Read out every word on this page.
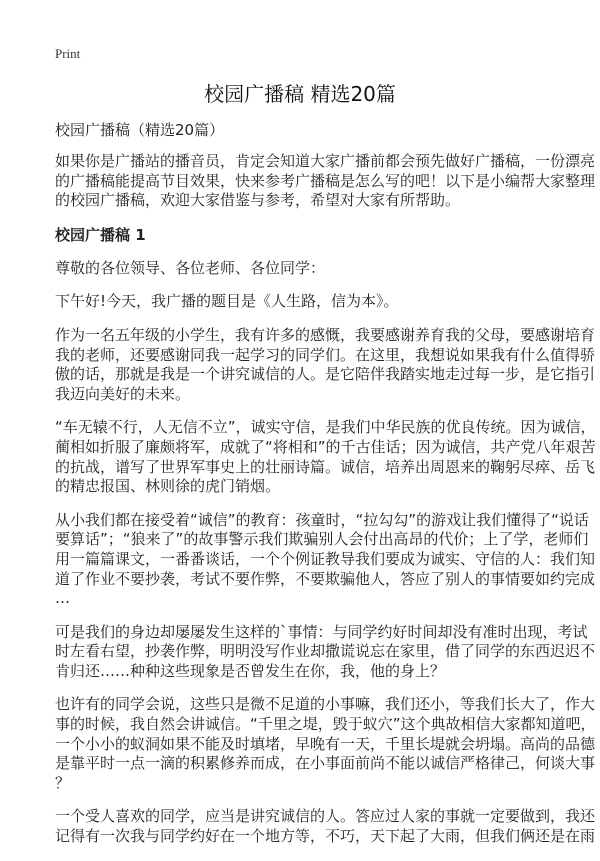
Print
校园广播稿 精选20篇
校园广播稿（精选20篇）
如果你是广播站的播音员，肯定会知道大家广播前都会预先做好广播稿，一份漂亮
的广播稿能提高节目效果，快来参考广播稿是怎么写的吧！以下是小编帮大家整理
的校园广播稿，欢迎大家借鉴与参考，希望对大家有所帮助。
校园广播稿 1
尊敬的各位领导、各位老师、各位同学：
下午好!今天，我广播的题目是《人生路，信为本》。
作为一名五年级的小学生，我有许多的感慨，我要感谢养育我的父母，要感谢培育
我的老师，还要感谢同我一起学习的同学们。在这里，我想说如果我有什么值得骄
傲的话，那就是我是一个讲究诚信的人。是它陪伴我踏实地走过每一步，是它指引
我迈向美好的未来。
“车无辕不行，人无信不立”，诚实守信，是我们中华民族的优良传统。因为诚信，
蔺相如折服了廉颇将军，成就了“将相和”的千古佳话；因为诚信，共产党八年艰苦
的抗战，谱写了世界军事史上的壮丽诗篇。诚信，培养出周恩来的鞠躬尽瘁、岳飞
的精忠报国、林则徐的虎门销烟。
从小我们都在接受着“诚信”的教育：孩童时，“拉勾勾”的游戏让我们懂得了“说话
要算话”；“狼来了”的故事警示我们欺骗别人会付出高昂的代价；上了学，老师们
用一篇篇课文，一番番谈话，一个个例证教导我们要成为诚实、守信的人：我们知
道了作业不要抄袭，考试不要作弊，不要欺骗他人，答应了别人的事情要如约完成
…
可是我们的身边却屡屡发生这样的`事情：与同学约好时间却没有准时出现，考试
时左看右望，抄袭作弊，明明没写作业却撒谎说忘在家里，借了同学的东西迟迟不
肯归还……种种这些现象是否曾发生在你，我，他的身上？
也许有的同学会说，这些只是微不足道的小事嘛，我们还小，等我们长大了，作大
事的时候，我自然会讲诚信。“千里之堤，毁于蚁穴”这个典故相信大家都知道吧，
一个小小的蚁洞如果不能及时填堵，早晚有一天，千里长堤就会坍塌。高尚的品德
是靠平时一点一滴的积累修养而成，在小事面前尚不能以诚信严格律己，何谈大事
？
一个受人喜欢的同学，应当是讲究诚信的人。答应过人家的事就一定要做到，我还
记得有一次我与同学约好在一个地方等，不巧，天下起了大雨，但我们俩还是在雨
